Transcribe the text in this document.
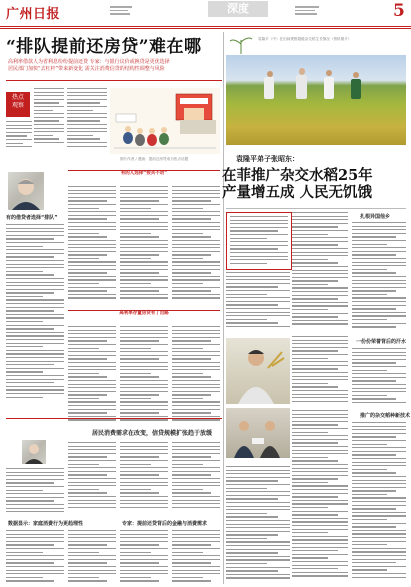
广州日报
　	深度	5
“排队提前还房贷”难在哪
高利率借款人为省利息纷纷提前还贷 专家：与银行议价或换贷是更优选择
居民部门加快“去杠杆”带来新变化 需关注消费信贷的结构性调整与风险
热点
观察
图片作者 / 漫画：提前还房贷成为热点话题
有的借贷者选择“排队”
有的人选择“按兵不动”
高利率存量房贷有了出路
居民消费需求在改变，信贷规模扩张趋于放缓
数据显示：家庭消费行为更趋理性	专家：提前还贷背后的金融与消费需求
袁隆平（中）在田间观察超级杂交稻生长情况（资料图片）
袁隆平弟子张昭东：
在菲推广杂交水稻25年
产量增五成 人民无饥饿
扎根异国他乡
一份份荣誉背后的汗水
推广的杂交稻种新技术
